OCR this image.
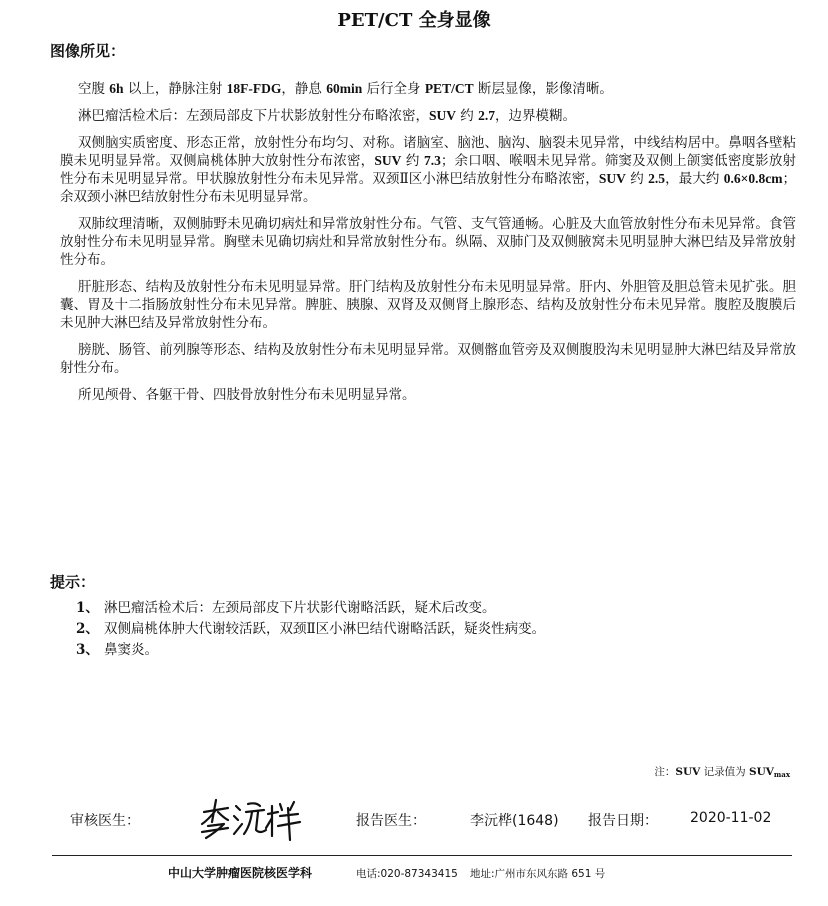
PET/CT 全身显像
图像所见：

空腹 6h 以上，静脉注射 18F-FDG，静息 60min 后行全身 PET/CT 断层显像，影像清晰。

淋巴瘤活检术后：左颈局部皮下片状影放射性分布略浓密，SUV 约 2.7，边界模糊。

双侧脑实质密度、形态正常，放射性分布均匀、对称。诸脑室、脑池、脑沟、脑裂未见异常，中线结构居中。鼻咽各壁粘膜未见明显异常。双侧扁桃体肿大放射性分布浓密，SUV 约 7.3；余口咽、喉咽未见异常。筛窦及双侧上颌窦低密度影放射性分布未见明显异常。甲状腺放射性分布未见异常。双颈Ⅱ区小淋巴结放射性分布略浓密，SUV 约 2.5，最大约 0.6×0.8cm；余双颈小淋巴结放射性分布未见明显异常。

双肺纹理清晰，双侧肺野未见确切病灶和异常放射性分布。气管、支气管通畅。心脏及大血管放射性分布未见异常。食管放射性分布未见明显异常。胸壁未见确切病灶和异常放射性分布。纵隔、双肺门及双侧腋窝未见明显肿大淋巴结及异常放射性分布。

肝脏形态、结构及放射性分布未见明显异常。肝门结构及放射性分布未见明显异常。肝内、外胆管及胆总管未见扩张。胆囊、胃及十二指肠放射性分布未见异常。脾脏、胰腺、双肾及双侧肾上腺形态、结构及放射性分布未见异常。腹腔及腹膜后未见肿大淋巴结及异常放射性分布。

膀胱、肠管、前列腺等形态、结构及放射性分布未见明显异常。双侧髂血管旁及双侧腹股沟未见明显肿大淋巴结及异常放射性分布。

所见颅骨、各躯干骨、四肢骨放射性分布未见明显异常。

提示：
1、 淋巴瘤活检术后：左颈局部皮下片状影代谢略活跃，疑术后改变。
2、 双侧扁桃体肿大代谢较活跃，双颈Ⅱ区小淋巴结代谢略活跃，疑炎性病变。
3、 鼻窦炎。
注：SUV 记录值为 $SUV_{max}$
审核医生：	报告医生：	李沅桦(1648) 报告日期： 2020-11-02
中山大学肿瘤医院核医学科	电话:020-87343415 地址:广州市东风东路 651 号
